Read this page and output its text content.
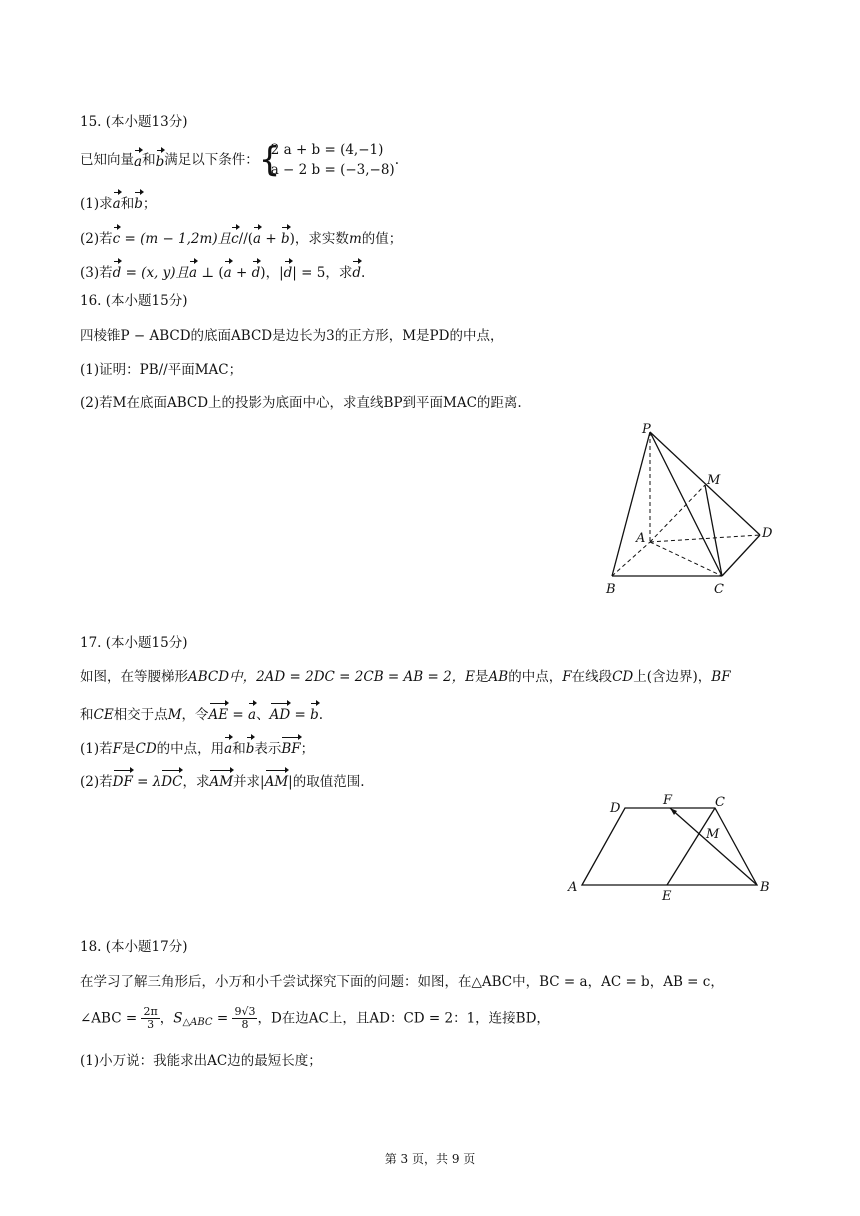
15. (本小题13分)
已知向量a和b满足以下条件： {
2 a + b = (4,−1)
a − 2 b = (−3,−8)
.
(1)求a和b；
(2)若c = (m − 1,2m)且c//(a + b)，求实数m的值；
(3)若d = (x, y)且a ⊥ (a + d)，|d| = 5，求d.
16. (本小题15分)
四棱锥P − ABCD的底面ABCD是边长为3的正方形，M是PD的中点，
(1)证明：PB//平面MAC；
(2)若M在底面ABCD上的投影为底面中心，求直线BP到平面MAC的距离.
P
M
A	D
B	C
17. (本小题15分)
如图，在等腰梯形ABCD中，2AD = 2DC = 2CB = AB = 2，E是AB的中点，F在线段CD上(含边界)，BF
和CE相交于点M，令AE = a、AD = b.
(1)若F是CD的中点，用a和b表示BF；
(2)若DF = λDC，求AM并求|AM|的取值范围.
D
F	C
M
A
E
B
18. (本小题17分)
在学习了解三角形后，小万和小千尝试探究下面的问题：如图，在△ABC中，BC = a，AC = b，AB = c，
∠ABC = $\frac{2\pi}{3}$ ，$S_{\triangle ABC} = \frac{9√3}{8}$ ，D在边AC上，且AD：CD = 2：1，连接BD，
(1)小万说：我能求出AC边的最短长度；
第 3 页，共 9 页
